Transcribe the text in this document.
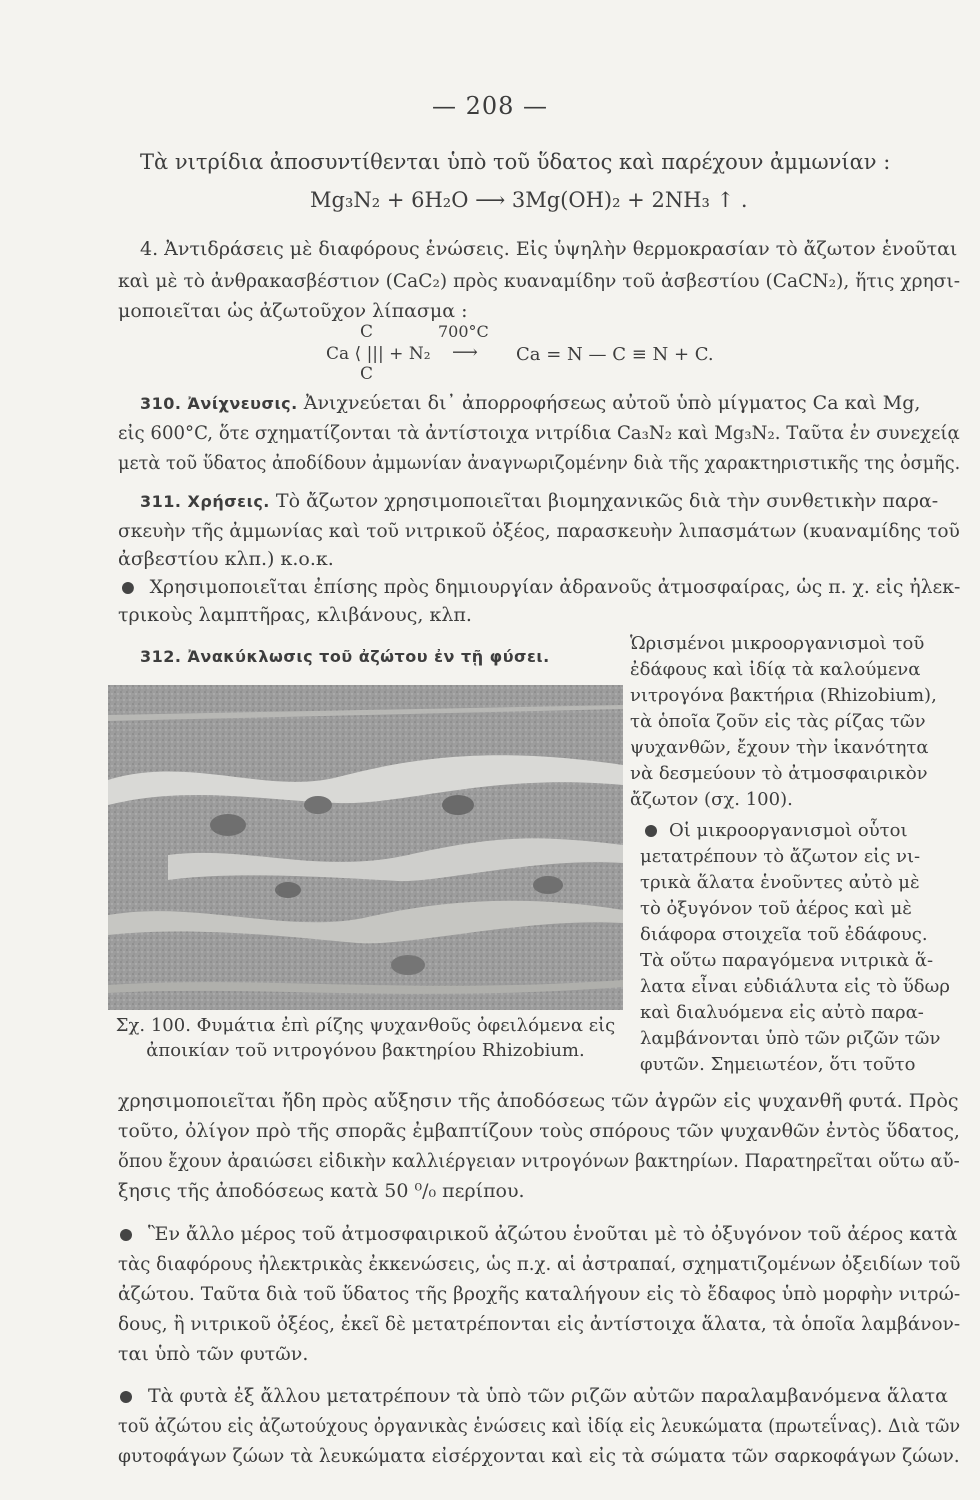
— 208 —
Τὰ νιτρίδια ἀποσυντίθενται ὑπὸ τοῦ ὕδατος καὶ παρέχουν ἀμμωνίαν :
Mg₃N₂ + 6H₂O ⟶ 3Mg(OH)₂ + 2NH₃ ↑ .
4. Ἀντιδράσεις μὲ διαφόρους ἑνώσεις. Εἰς ὑψηλὴν θερμοκρασίαν τὸ ἄζωτον ἑνοῦται
καὶ μὲ τὸ ἀνθρακασβέστιον (CaC₂) πρὸς κυαναμίδην τοῦ ἀσβεστίου (CaCN₂), ἥτις χρησι-
μοποιεῖται ὡς ἀζωτοῦχον λίπασμα :
C	700°C
Ca ⟨ ||| + N₂ ⟶ Ca = N — C ≡ N + C.
C
310. Ἀνίχνευσις. Ἀνιχνεύεται δι᾽ ἀπορροφήσεως αὐτοῦ ὑπὸ μίγματος Ca καὶ Mg,
εἰς 600°C, ὅτε σχηματίζονται τὰ ἀντίστοιχα νιτρίδια Ca₃N₂ καὶ Mg₃N₂. Ταῦτα ἐν συνεχείᾳ
μετὰ τοῦ ὕδατος ἀποδίδουν ἀμμωνίαν ἀναγνωριζομένην διὰ τῆς χαρακτηριστικῆς της ὀσμῆς.
311. Χρήσεις. Τὸ ἄζωτον χρησιμοποιεῖται βιομηχανικῶς διὰ τὴν συνθετικὴν παρα-
σκευὴν τῆς ἀμμωνίας καὶ τοῦ νιτρικοῦ ὀξέος, παρασκευὴν λιπασμάτων (κυαναμίδης τοῦ
ἀσβεστίου κλπ.) κ.ο.κ.
Χρησιμοποιεῖται ἐπίσης πρὸς δημιουργίαν ἀδρανοῦς ἀτμοσφαίρας, ὡς π. χ. εἰς ἠλεκ-
τρικοὺς λαμπτῆρας, κλιβάνους, κλπ.
312. Ἀνακύκλωσις τοῦ ἀζώτου ἐν τῇ φύσει.
Ὡρισμένοι μικροοργανισμοὶ τοῦ
ἐδάφους καὶ ἰδίᾳ τὰ καλούμενα
νιτρογόνα βακτήρια (Rhizobium),
τὰ ὁποῖα ζοῦν εἰς τὰς ρίζας τῶν
ψυχανθῶν, ἔχουν τὴν ἱκανότητα
νὰ δεσμεύουν τὸ ἀτμοσφαιρικὸν
ἄζωτον (σχ. 100).
Οἱ μικροοργανισμοὶ οὗτοι
μετατρέπουν τὸ ἄζωτον εἰς νι-
τρικὰ ἅλατα ἑνοῦντες αὐτὸ μὲ
τὸ ὀξυγόνον τοῦ ἀέρος καὶ μὲ
διάφορα στοιχεῖα τοῦ ἐδάφους.
Τὰ οὕτω παραγόμενα νιτρικὰ ἅ-
λατα εἶναι εὐδιάλυτα εἰς τὸ ὕδωρ
καὶ διαλυόμενα εἰς αὐτὸ παρα-
λαμβάνονται ὑπὸ τῶν ριζῶν τῶν
φυτῶν. Σημειωτέον, ὅτι τοῦτο
Σχ. 100. Φυμάτια ἐπὶ ρίζης ψυχανθοῦς ὀφειλόμενα εἰς
ἀποικίαν τοῦ νιτρογόνου βακτηρίου Rhizobium.
χρησιμοποιεῖται ἤδη πρὸς αὔξησιν τῆς ἀποδόσεως τῶν ἀγρῶν εἰς ψυχανθῆ φυτά. Πρὸς
τοῦτο, ὀλίγον πρὸ τῆς σπορᾶς ἐμβαπτίζουν τοὺς σπόρους τῶν ψυχανθῶν ἐντὸς ὕδατος,
ὅπου ἔχουν ἀραιώσει εἰδικὴν καλλιέργειαν νιτρογόνων βακτηρίων. Παρατηρεῖται οὕτω αὔ-
ξησις τῆς ἀποδόσεως κατὰ 50 ⁰/₀ περίπου.
Ἓν ἄλλο μέρος τοῦ ἀτμοσφαιρικοῦ ἀζώτου ἑνοῦται μὲ τὸ ὀξυγόνον τοῦ ἀέρος κατὰ
τὰς διαφόρους ἠλεκτρικὰς ἐκκενώσεις, ὡς π.χ. αἱ ἀστραπαί, σχηματιζομένων ὀξειδίων τοῦ
ἀζώτου. Ταῦτα διὰ τοῦ ὕδατος τῆς βροχῆς καταλήγουν εἰς τὸ ἔδαφος ὑπὸ μορφὴν νιτρώ-
δους, ἢ νιτρικοῦ ὀξέος, ἐκεῖ δὲ μετατρέπονται εἰς ἀντίστοιχα ἅλατα, τὰ ὁποῖα λαμβάνον-
ται ὑπὸ τῶν φυτῶν.
Τὰ φυτὰ ἐξ ἄλλου μετατρέπουν τὰ ὑπὸ τῶν ριζῶν αὐτῶν παραλαμβανόμενα ἅλατα
τοῦ ἀζώτου εἰς ἀζωτούχους ὀργανικὰς ἑνώσεις καὶ ἰδίᾳ εἰς λευκώματα (πρωτεΐνας). Διὰ τῶν
φυτοφάγων ζώων τὰ λευκώματα εἰσέρχονται καὶ εἰς τὰ σώματα τῶν σαρκοφάγων ζώων.
